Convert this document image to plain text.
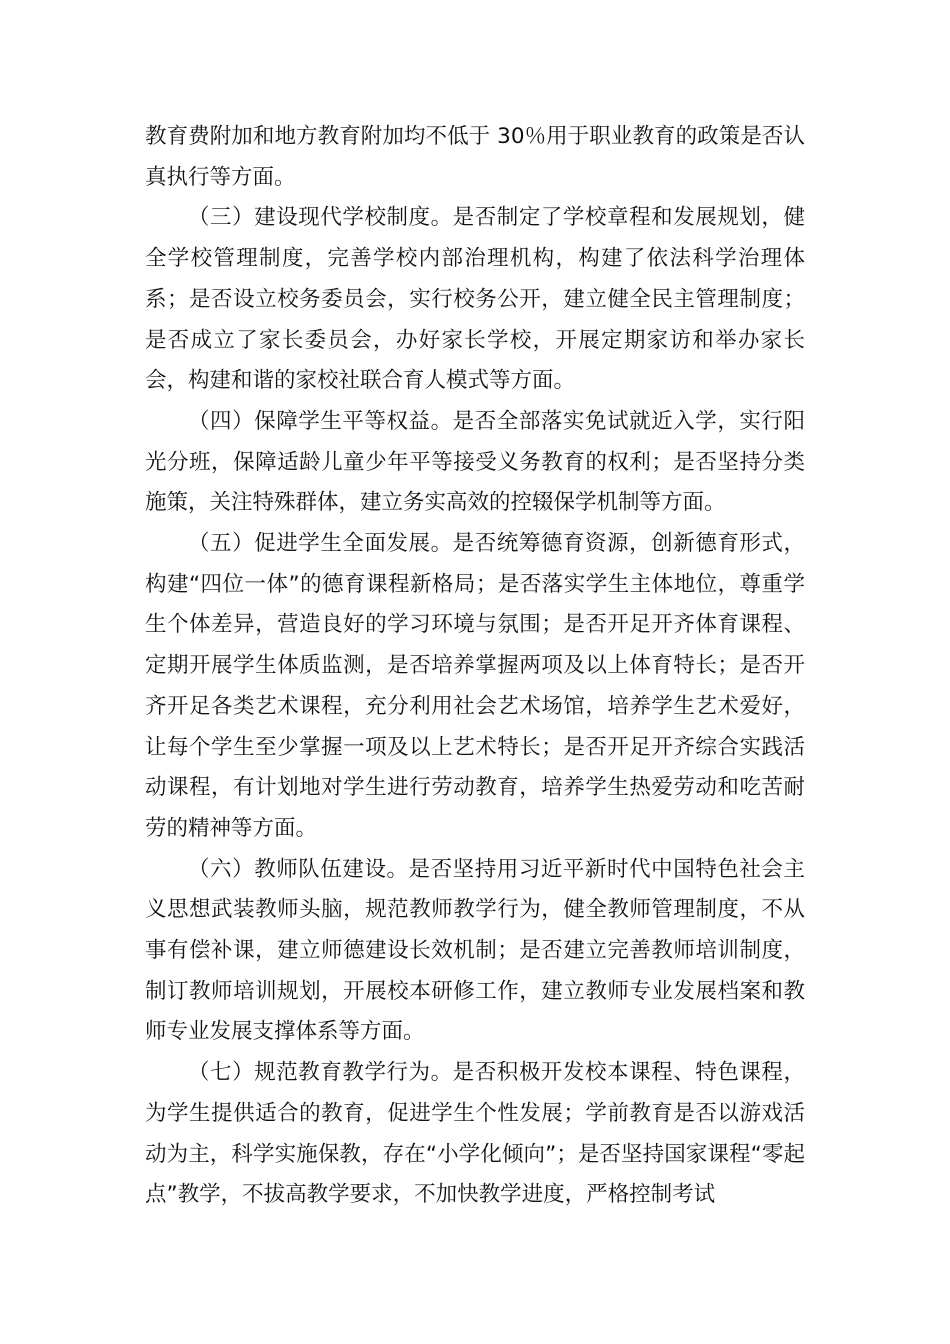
教育费附加和地方教育附加均不低于 30％用于职业教育的政策是否认真执行等方面。

（三）建设现代学校制度。是否制定了学校章程和发展规划，健全学校管理制度，完善学校内部治理机构，构建了依法科学治理体系；是否设立校务委员会，实行校务公开，建立健全民主管理制度；是否成立了家长委员会，办好家长学校，开展定期家访和举办家长会，构建和谐的家校社联合育人模式等方面。

（四）保障学生平等权益。是否全部落实免试就近入学，实行阳光分班，保障适龄儿童少年平等接受义务教育的权利；是否坚持分类施策，关注特殊群体，建立务实高效的控辍保学机制等方面。

（五）促进学生全面发展。是否统筹德育资源，创新德育形式，构建“四位一体”的德育课程新格局；是否落实学生主体地位，尊重学生个体差异，营造良好的学习环境与氛围；是否开足开齐体育课程、定期开展学生体质监测，是否培养掌握两项及以上体育特长；是否开齐开足各类艺术课程，充分利用社会艺术场馆，培养学生艺术爱好，让每个学生至少掌握一项及以上艺术特长；是否开足开齐综合实践活动课程，有计划地对学生进行劳动教育，培养学生热爱劳动和吃苦耐劳的精神等方面。

（六）教师队伍建设。是否坚持用习近平新时代中国特色社会主义思想武装教师头脑，规范教师教学行为，健全教师管理制度，不从事有偿补课，建立师德建设长效机制；是否建立完善教师培训制度，制订教师培训规划，开展校本研修工作，建立教师专业发展档案和教师专业发展支撑体系等方面。

（七）规范教育教学行为。是否积极开发校本课程、特色课程，为学生提供适合的教育，促进学生个性发展；学前教育是否以游戏活动为主，科学实施保教，存在“小学化倾向”；是否坚持国家课程“零起点”教学，不拔高教学要求，不加快教学进度，严格控制考试
